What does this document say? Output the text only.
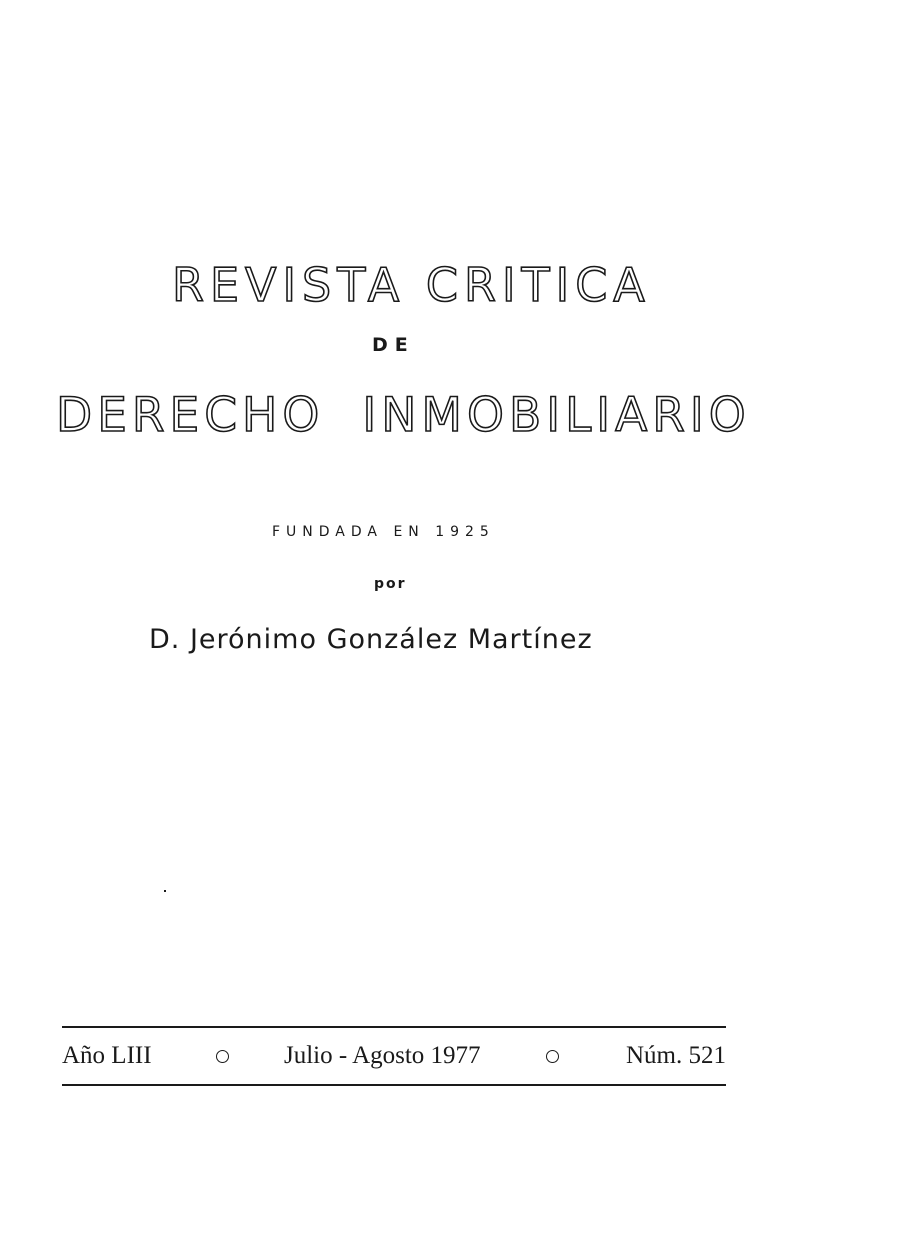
REVISTA CRITICA
DE
DERECHO INMOBILIARIO
FUNDADA EN 1925
por
D. Jerónimo González Martínez
Año LIII	Julio - Agosto 1977	Núm. 521
